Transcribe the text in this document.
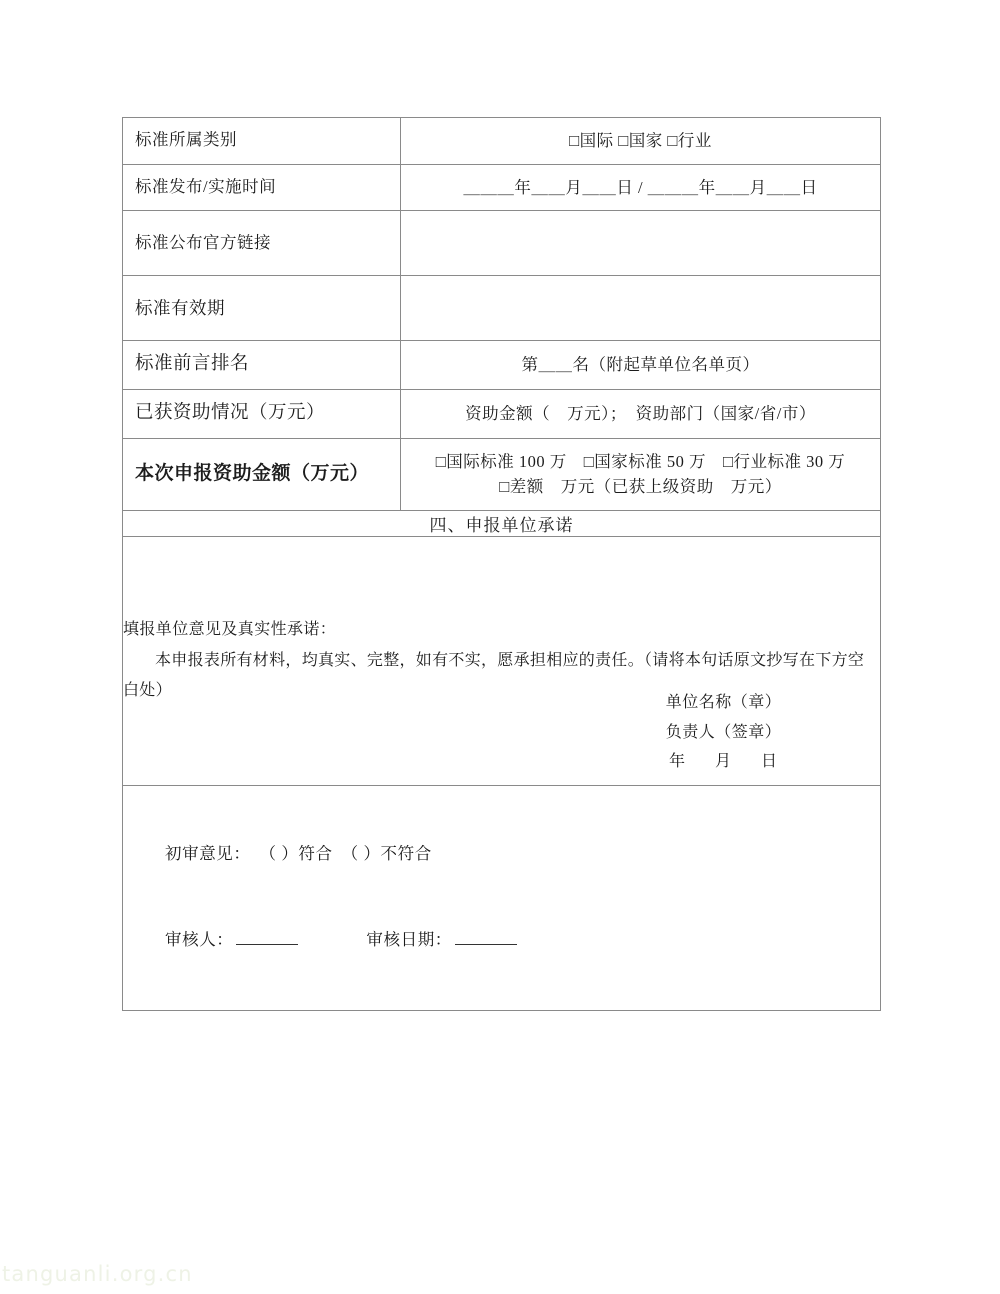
标准所属类别	□国际 □国家 □行业

标准发布/实施时间	＿＿＿年＿＿月＿＿日 / ＿＿＿年＿＿月＿＿日

标准公布官方链接	

标准有效期	

标准前言排名	第＿＿名（附起草单位名单页）

已获资助情况（万元）	资助金额（　万元）；　资助部门（国家/省/市）

本次申报资助金额（万元）	□国际标准 100 万　□国家标准 50 万　□行业标准 30 万
□差额　万元（已获上级资助　万元）

四、申报单位承诺	

填报单位意见及真实性承诺：
本申报表所有材料，均真实、完整，如有不实，愿承担相应的责任。（请将本句话原文抄写在下方空白处）
单位名称（章）
负责人（签章）
年　月　日	

初审意见： （ ）符合 （ ）不符合
审核人： 审核日期：	
tanguanli.org.cn
